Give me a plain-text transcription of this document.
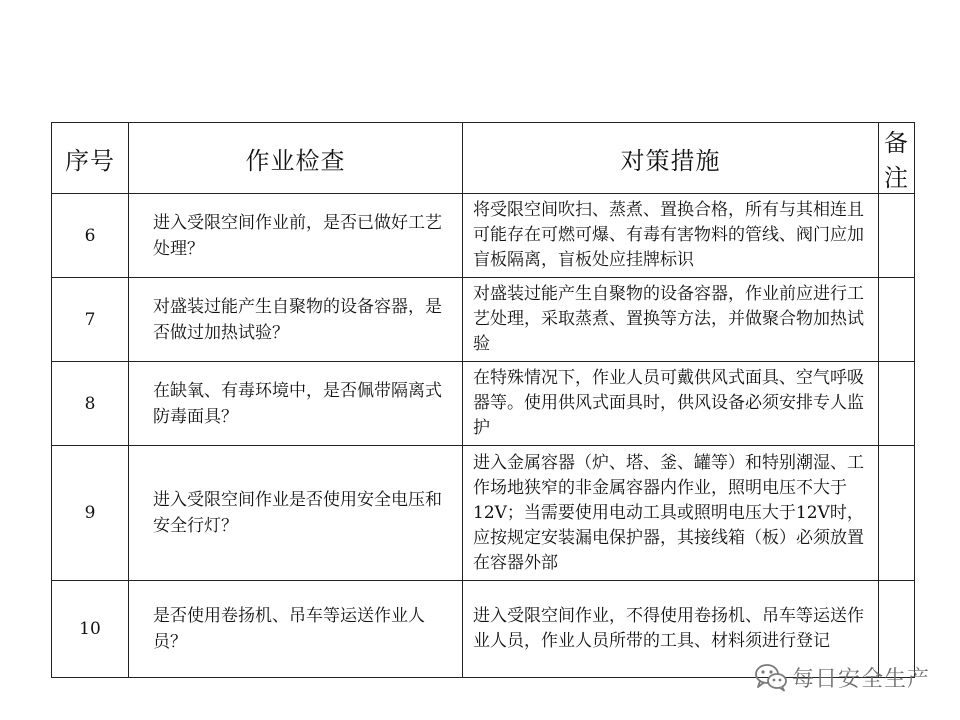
序号	作业检查	对策措施	备注
6	进入受限空间作业前，是否已做好工艺处理？	将受限空间吹扫、蒸煮、置换合格，所有与其相连且可能存在可燃可爆、有毒有害物料的管线、阀门应加盲板隔离，盲板处应挂牌标识	
7	对盛装过能产生自聚物的设备容器，是否做过加热试验？	对盛装过能产生自聚物的设备容器，作业前应进行工艺处理，采取蒸煮、置换等方法，并做聚合物加热试验	
8	在缺氧、有毒环境中，是否佩带隔离式防毒面具？	在特殊情况下，作业人员可戴供风式面具、空气呼吸器等。使用供风式面具时，供风设备必须安排专人监护	
9	进入受限空间作业是否使用安全电压和安全行灯？	进入金属容器（炉、塔、釜、罐等）和特别潮湿、工作场地狭窄的非金属容器内作业，照明电压不大于12V；当需要使用电动工具或照明电压大于12V时，应按规定安装漏电保护器，其接线箱（板）必须放置在容器外部	
10	是否使用卷扬机、吊车等运送作业人员？	进入受限空间作业，不得使用卷扬机、吊车等运送作业人员，作业人员所带的工具、材料须进行登记	
每日安全生产
